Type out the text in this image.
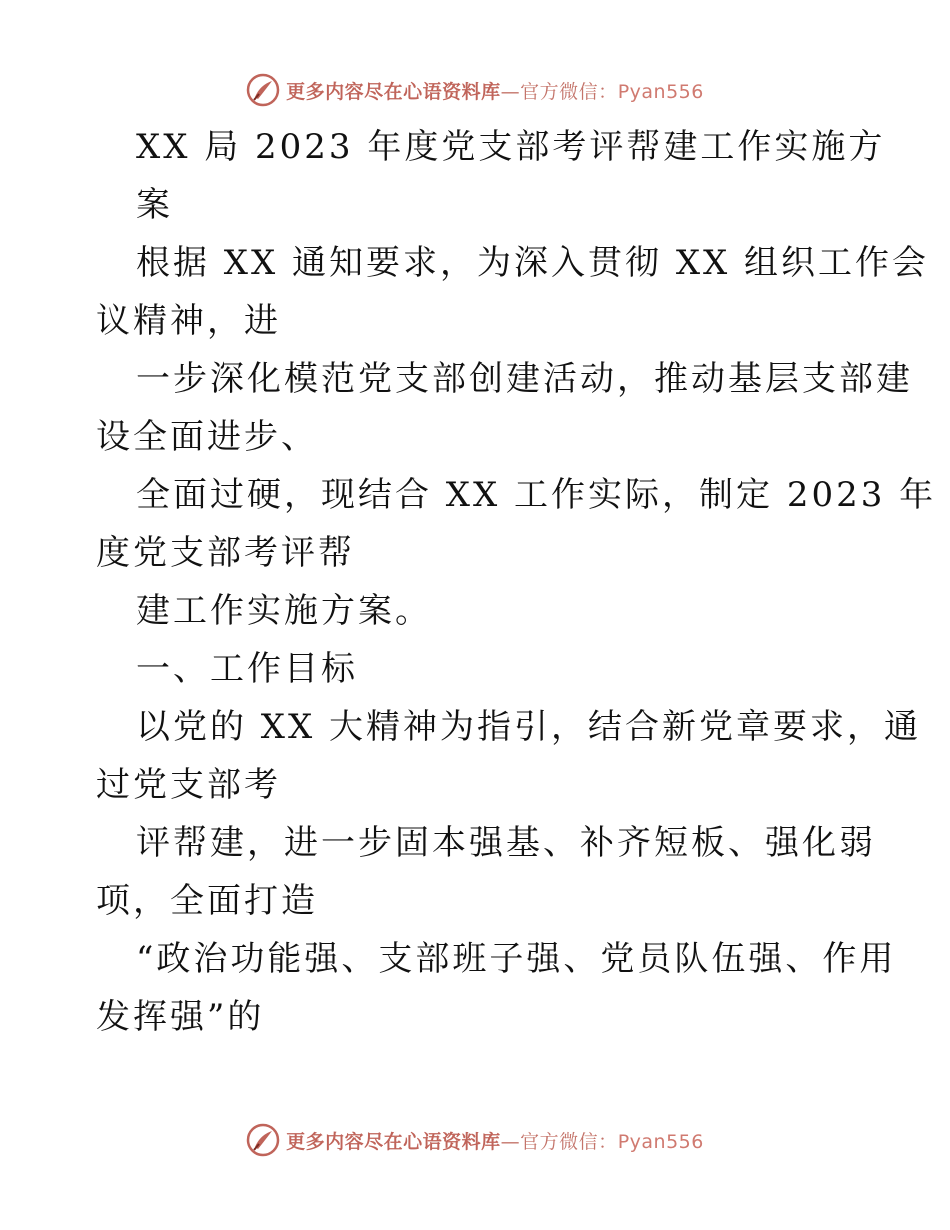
更多内容尽在心语资料库—官方微信：Pyan556
XX 局 2023 年度党支部考评帮建工作实施方
案
根据 XX 通知要求，为深入贯彻 XX 组织工作会
议精神，进
一步深化模范党支部创建活动，推动基层支部建
设全面进步、
全面过硬，现结合 XX 工作实际，制定 2023 年
度党支部考评帮
建工作实施方案。
一、工作目标
以党的 XX 大精神为指引，结合新党章要求，通
过党支部考
评帮建，进一步固本强基、补齐短板、强化弱
项，全面打造
“政治功能强、支部班子强、党员队伍强、作用
发挥强”的
更多内容尽在心语资料库—官方微信：Pyan556
